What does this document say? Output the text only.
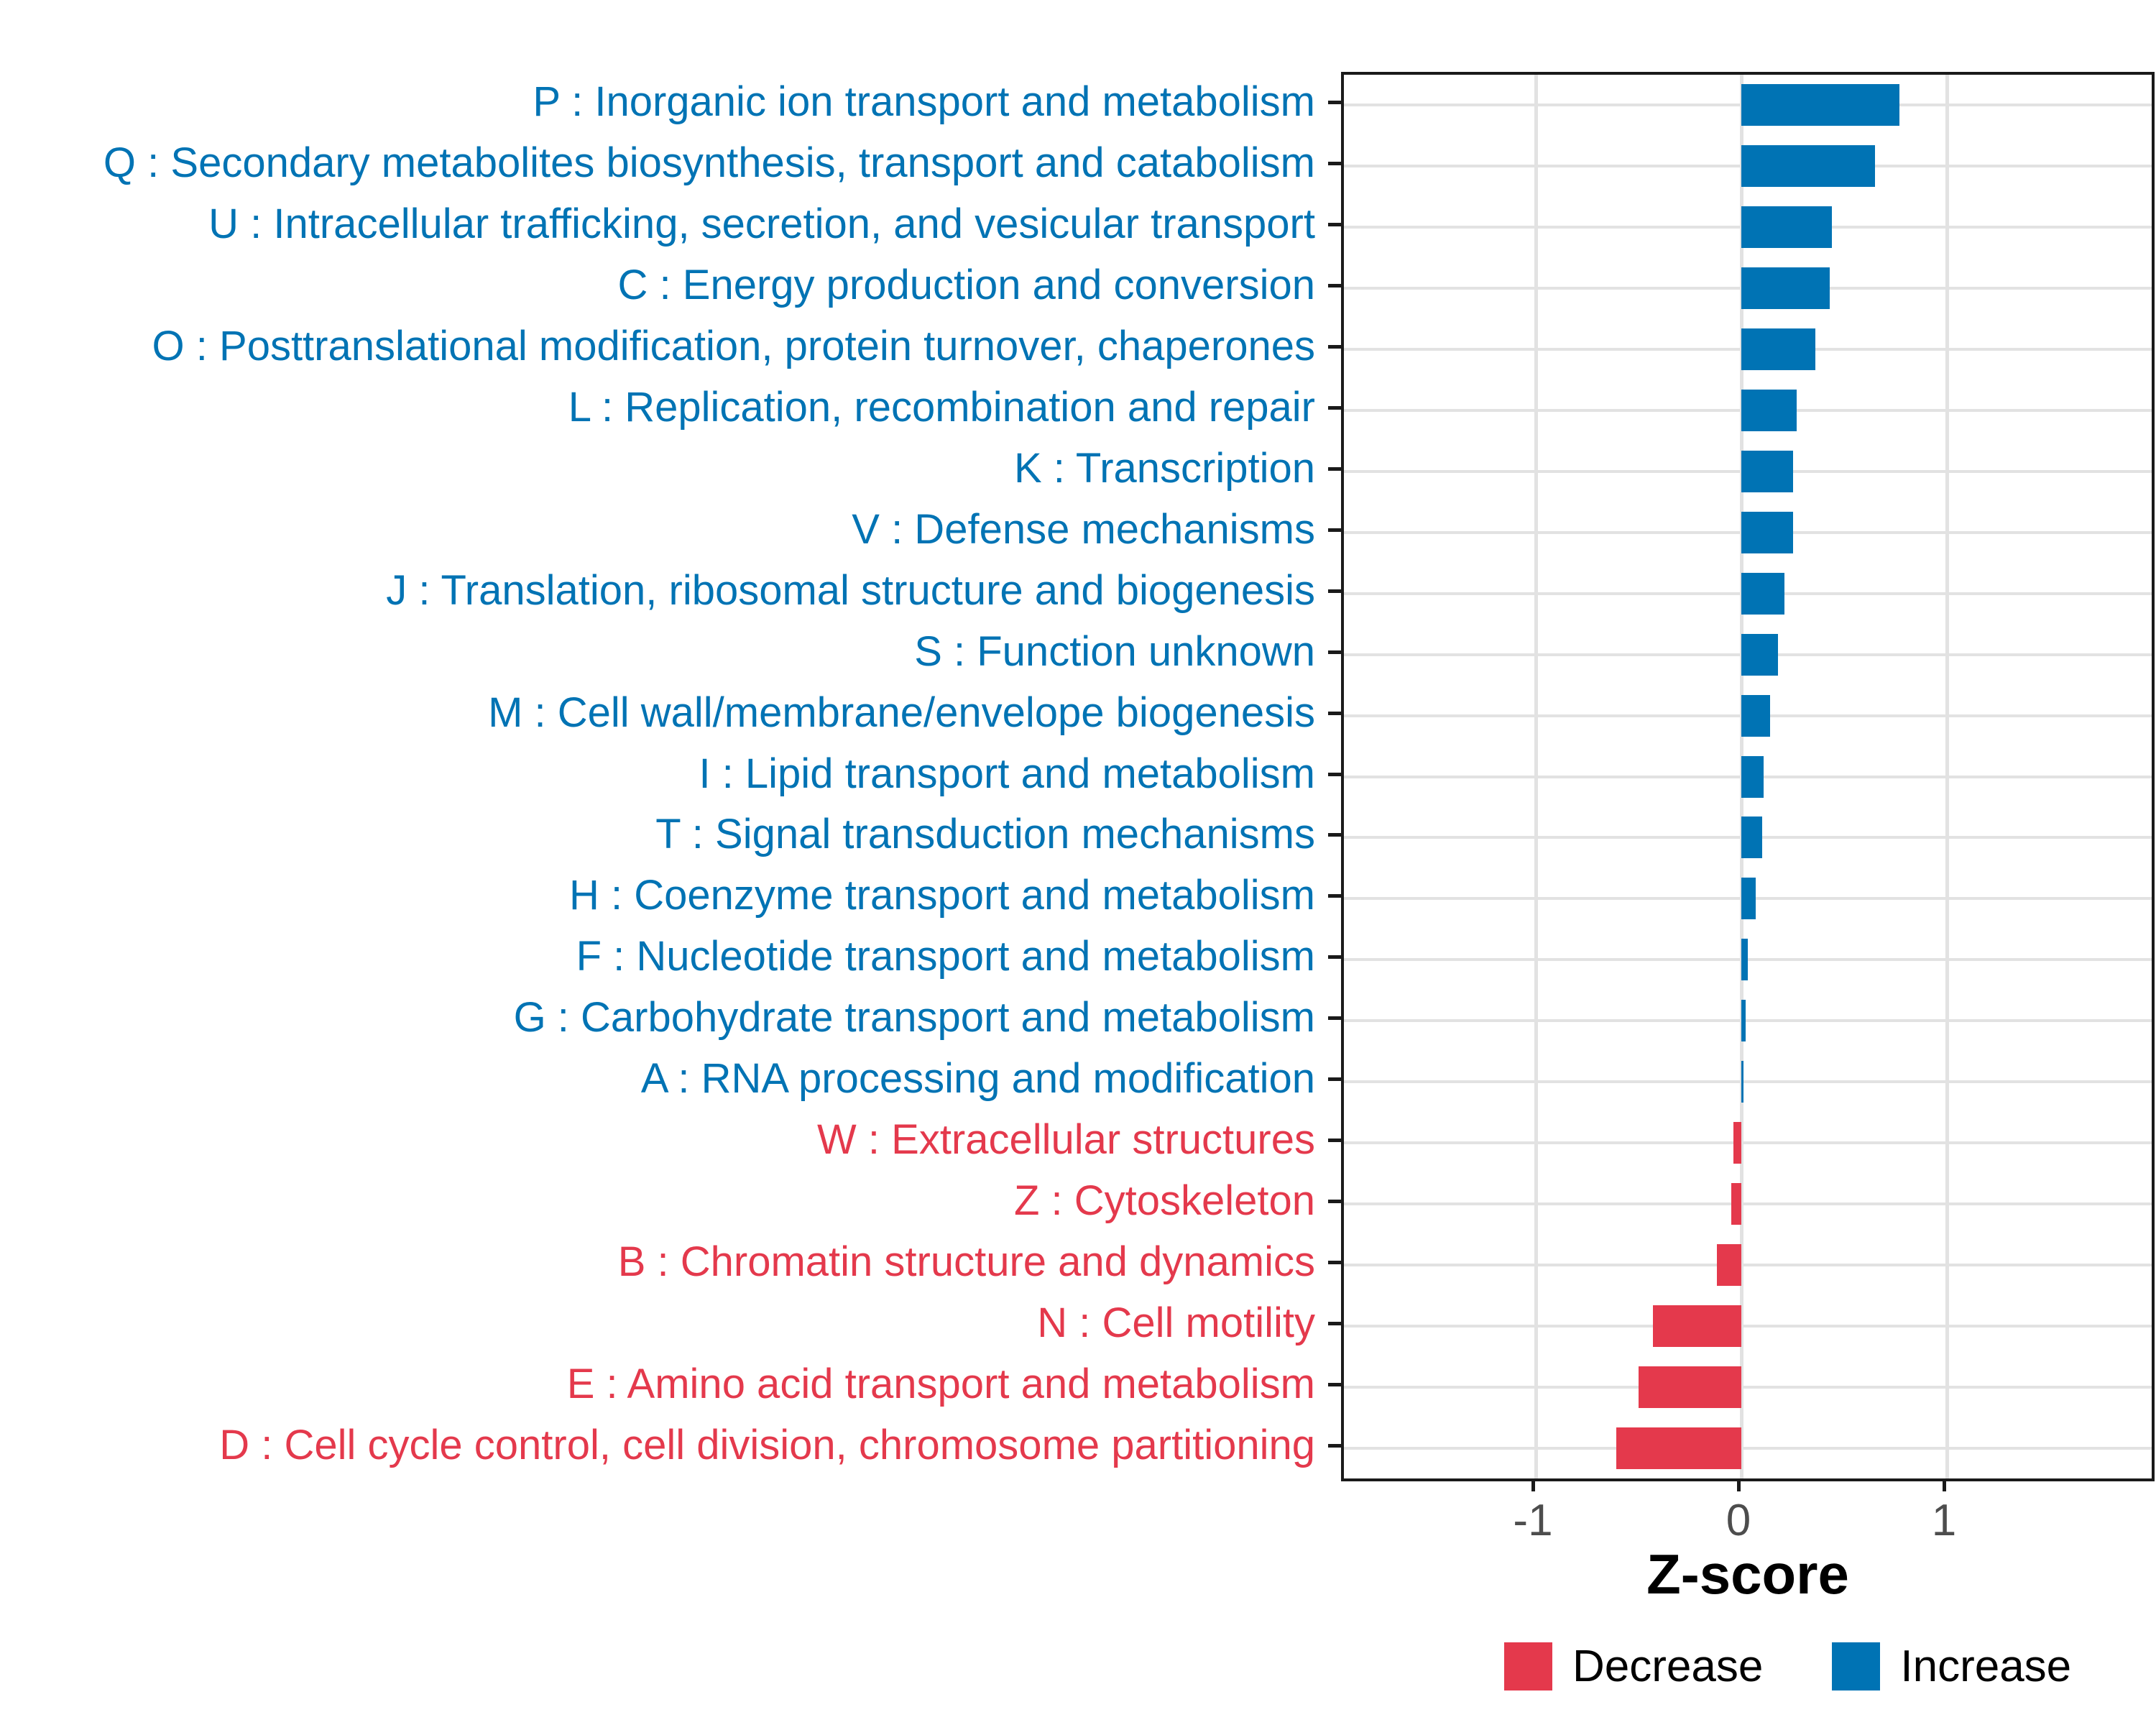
P : Inorganic ion transport and metabolism
Q : Secondary metabolites biosynthesis, transport and catabolism
U : Intracellular trafficking, secretion, and vesicular transport
C : Energy production and conversion
O : Posttranslational modification, protein turnover, chaperones
L : Replication, recombination and repair
K : Transcription
V : Defense mechanisms
J : Translation, ribosomal structure and biogenesis
S : Function unknown
M : Cell wall/membrane/envelope biogenesis
I : Lipid transport and metabolism
T : Signal transduction mechanisms
H : Coenzyme transport and metabolism
F : Nucleotide transport and metabolism
G : Carbohydrate transport and metabolism
A : RNA processing and modification
W : Extracellular structures
Z : Cytoskeleton
B : Chromatin structure and dynamics
N : Cell motility
E : Amino acid transport and metabolism
D : Cell cycle control, cell division, chromosome partitioning
-1	0	1
Z-score
Decrease	Increase
